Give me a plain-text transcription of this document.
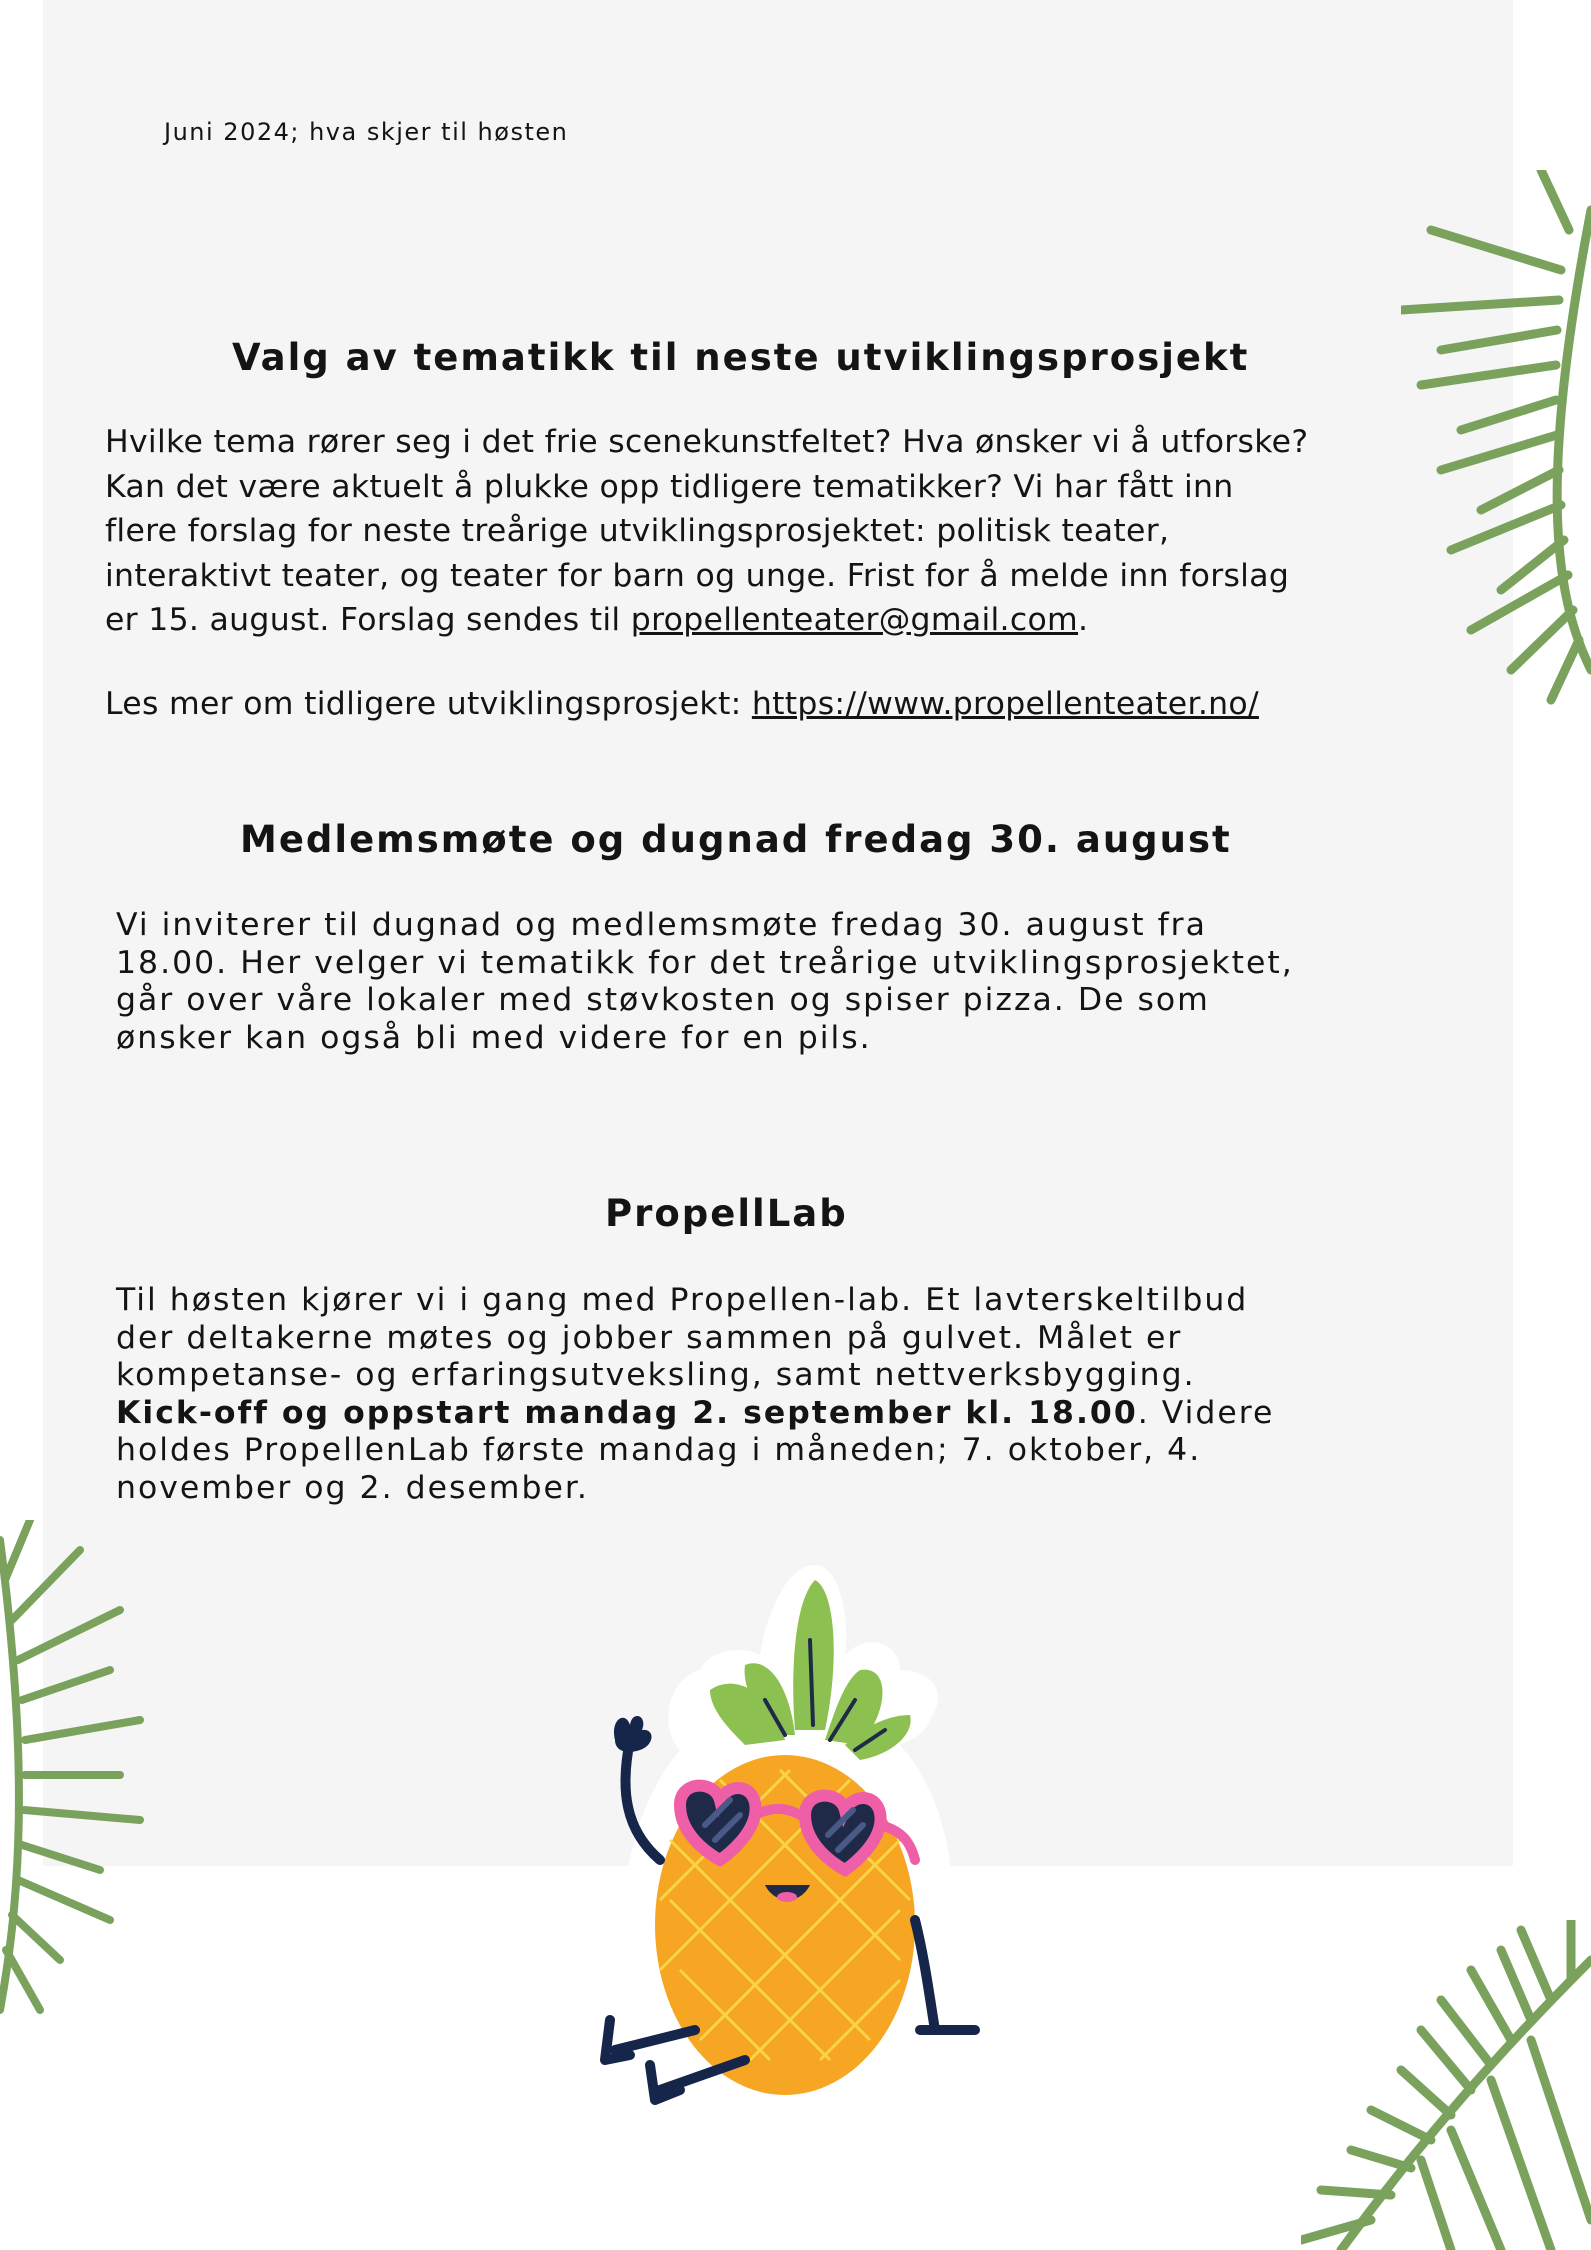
Juni 2024; hva skjer til høsten
Valg av tematikk til neste utviklingsprosjekt

Hvilke tema rører seg i det frie scenekunstfeltet? Hva ønsker vi å utforske?
Kan det være aktuelt å plukke opp tidligere tematikker? Vi har fått inn
flere forslag for neste treårige utviklingsprosjektet: politisk teater,
interaktivt teater, og teater for barn og unge. Frist for å melde inn forslag
er 15. august. Forslag sendes til propellenteater@gmail.com.

Les mer om tidligere utviklingsprosjekt: https://www.propellenteater.no/

Medlemsmøte og dugnad fredag 30. august

Vi inviterer til dugnad og medlemsmøte fredag 30. august fra
18.00. Her velger vi tematikk for det treårige utviklingsprosjektet,
går over våre lokaler med støvkosten og spiser pizza. De som
ønsker kan også bli med videre for en pils.

PropellLab

Til høsten kjører vi i gang med Propellen-lab. Et lavterskeltilbud
der deltakerne møtes og jobber sammen på gulvet. Målet er
kompetanse- og erfaringsutveksling, samt nettverksbygging.
Kick-off og oppstart mandag 2. september kl. 18.00. Videre
holdes PropellenLab første mandag i måneden; 7. oktober, 4.
november og 2. desember.
